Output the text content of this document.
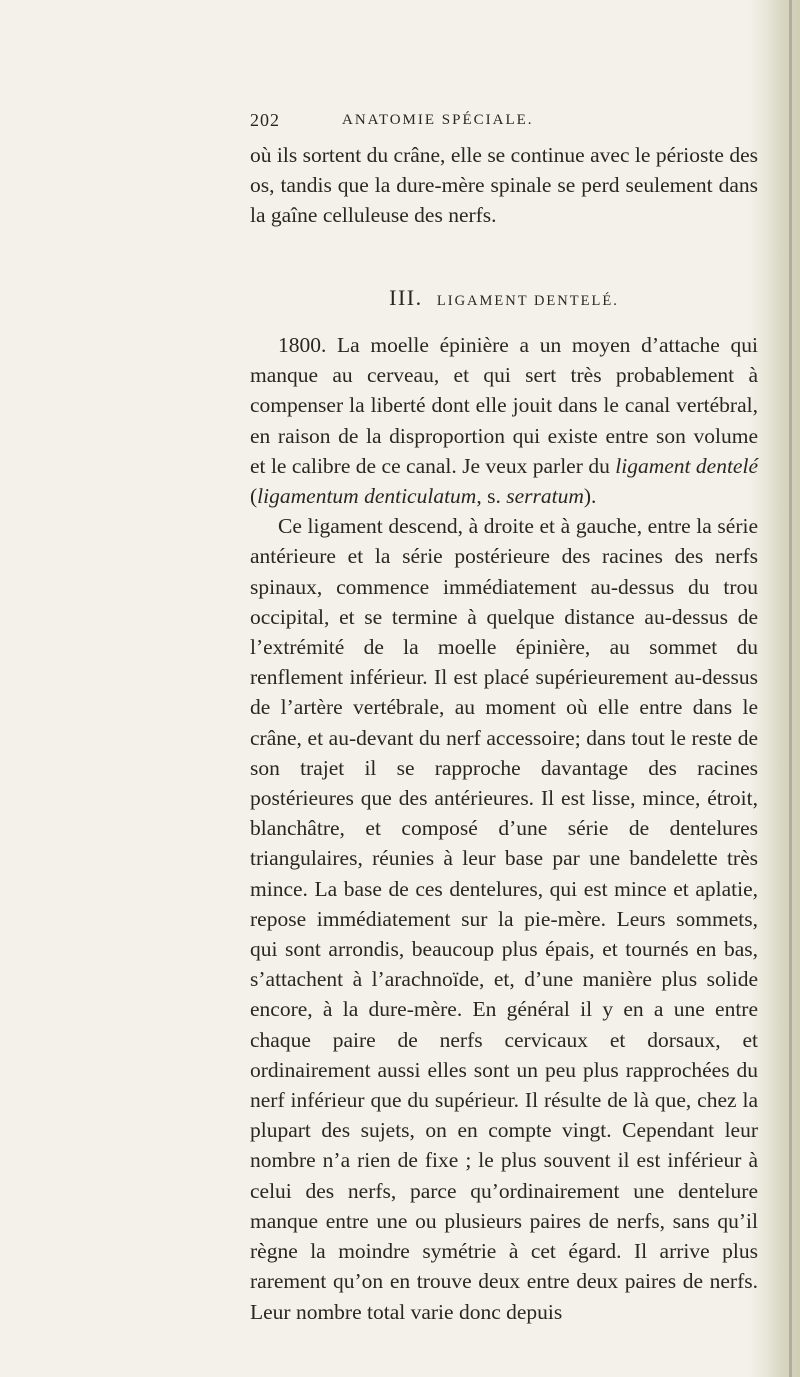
202	ANATOMIE SPÉCIALE.

où ils sortent du crâne, elle se continue avec le périoste des os, tandis que la dure-mère spinale se perd seulement dans la gaîne celluleuse des nerfs.

III. LIGAMENT DENTELÉ.

1800. La moelle épinière a un moyen d’attache qui manque au cerveau, et qui sert très probablement à compenser la liberté dont elle jouit dans le canal vertébral, en raison de la disproportion qui existe entre son volume et le calibre de ce canal. Je veux parler du ligament dentelé (ligamentum denticulatum, s. serratum).

Ce ligament descend, à droite et à gauche, entre la série antérieure et la série postérieure des racines des nerfs spinaux, commence immédiatement au-dessus du trou occipital, et se termine à quelque distance au-dessus de l’extrémité de la moelle épinière, au sommet du renflement inférieur. Il est placé supérieurement au-dessus de l’artère vertébrale, au moment où elle entre dans le crâne, et au-devant du nerf accessoire; dans tout le reste de son trajet il se rapproche davantage des racines postérieures que des antérieures. Il est lisse, mince, étroit, blanchâtre, et composé d’une série de dentelures triangulaires, réunies à leur base par une bandelette très mince. La base de ces dentelures, qui est mince et aplatie, repose immédiatement sur la pie-mère. Leurs sommets, qui sont arrondis, beaucoup plus épais, et tournés en bas, s’attachent à l’arachnoïde, et, d’une manière plus solide encore, à la dure-mère. En général il y en a une entre chaque paire de nerfs cervicaux et dorsaux, et ordinairement aussi elles sont un peu plus rapprochées du nerf inférieur que du supérieur. Il résulte de là que, chez la plupart des sujets, on en compte vingt. Cependant leur nombre n’a rien de fixe ; le plus souvent il est inférieur à celui des nerfs, parce qu’ordinairement une dentelure manque entre une ou plusieurs paires de nerfs, sans qu’il règne la moindre symétrie à cet égard. Il arrive plus rarement qu’on en trouve deux entre deux paires de nerfs. Leur nombre total varie donc depuis
